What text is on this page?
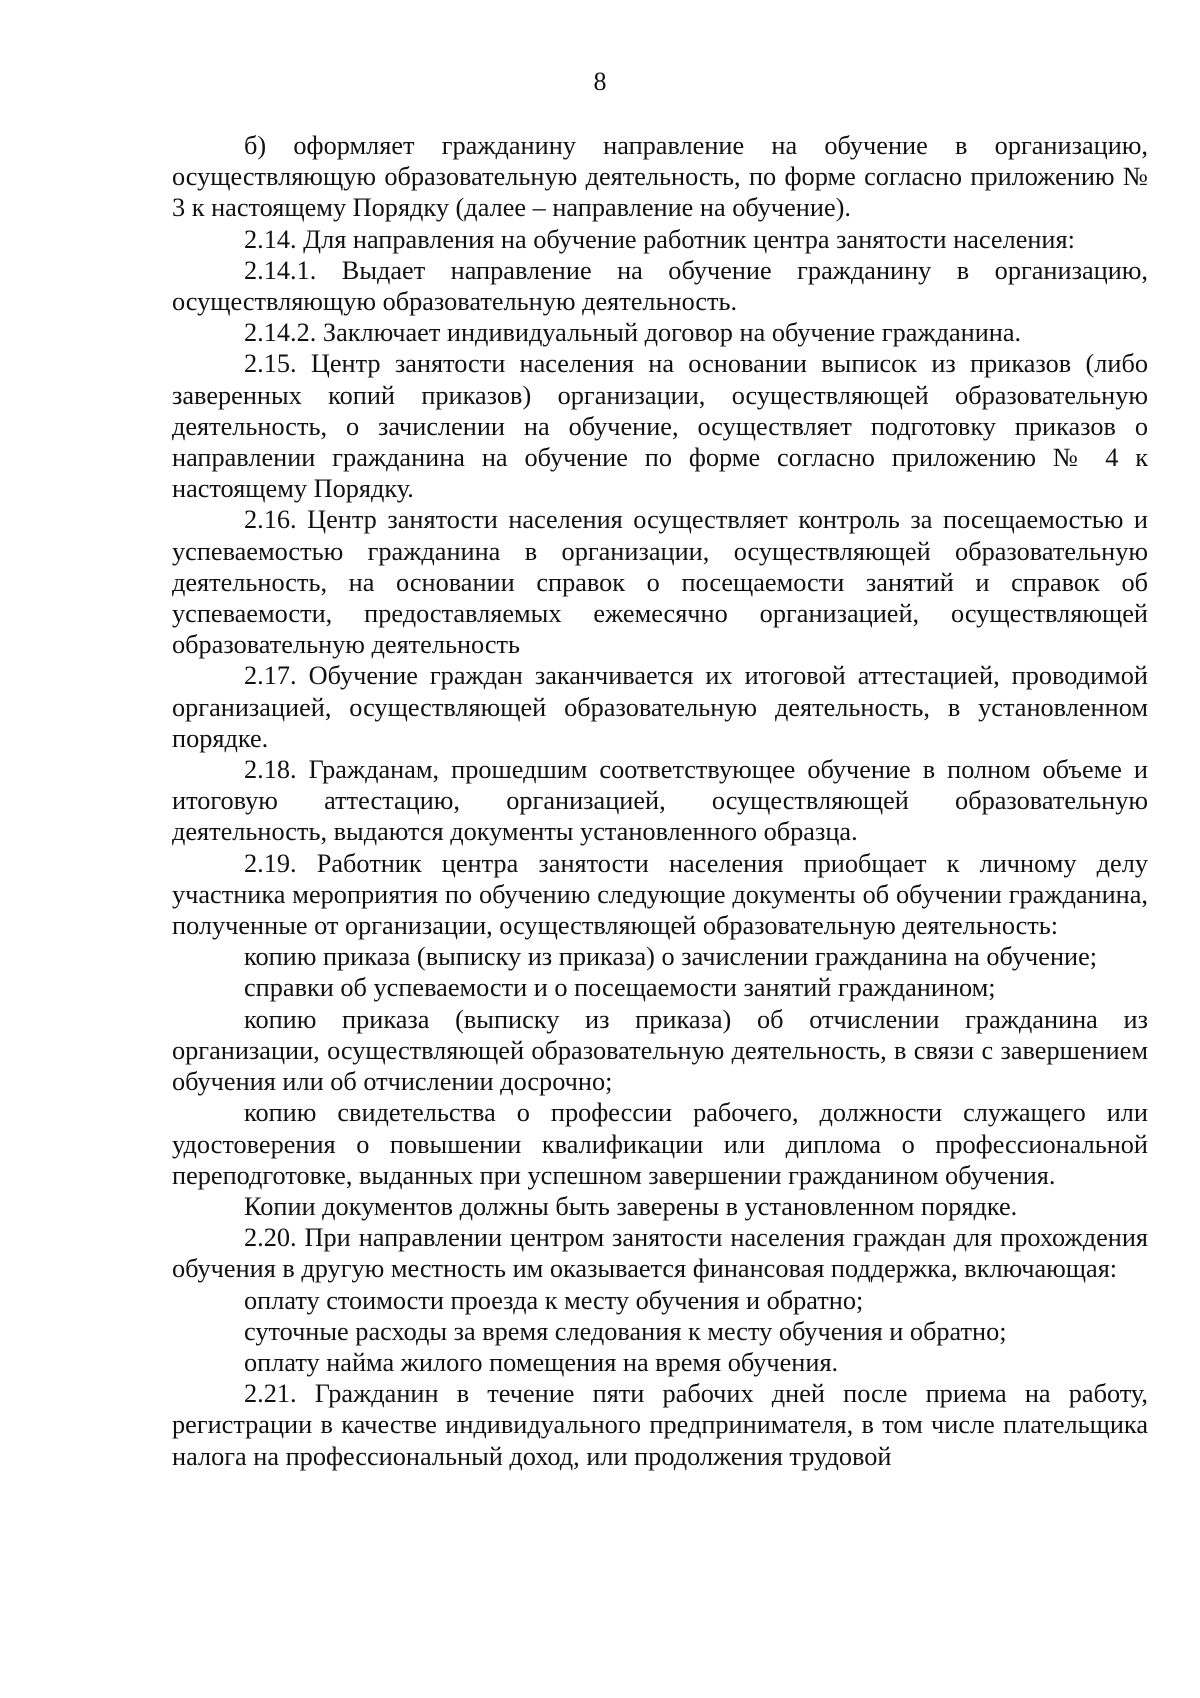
8

б) оформляет гражданину направление на обучение в организацию, осуществляющую образовательную деятельность, по форме согласно приложению № 3 к настоящему Порядку (далее – направление на обучение).

2.14. Для направления на обучение работник центра занятости населения:

2.14.1. Выдает направление на обучение гражданину в организацию, осуществляющую образовательную деятельность.

2.14.2. Заключает индивидуальный договор на обучение гражданина.

2.15. Центр занятости населения на основании выписок из приказов (либо заверенных копий приказов) организации, осуществляющей образовательную деятельность, о зачислении на обучение, осуществляет подготовку приказов о направлении гражданина на обучение по форме согласно приложению № 4 к настоящему Порядку.

2.16. Центр занятости населения осуществляет контроль за посещаемостью и успеваемостью гражданина в организации, осуществляющей образовательную деятельность, на основании справок о посещаемости занятий и справок об успеваемости, предоставляемых ежемесячно организацией, осуществляющей образовательную деятельность

2.17. Обучение граждан заканчивается их итоговой аттестацией, проводимой организацией, осуществляющей образовательную деятельность, в установленном порядке.

2.18. Гражданам, прошедшим соответствующее обучение в полном объеме и итоговую аттестацию, организацией, осуществляющей образовательную деятельность, выдаются документы установленного образца.

2.19. Работник центра занятости населения приобщает к личному делу участника мероприятия по обучению следующие документы об обучении гражданина, полученные от организации, осуществляющей образовательную деятельность:

копию приказа (выписку из приказа) о зачислении гражданина на обучение;

справки об успеваемости и о посещаемости занятий гражданином;

копию приказа (выписку из приказа) об отчислении гражданина из организации, осуществляющей образовательную деятельность, в связи с завершением обучения или об отчислении досрочно;

копию свидетельства о профессии рабочего, должности служащего или удостоверения о повышении квалификации или диплома о профессиональной переподготовке, выданных при успешном завершении гражданином обучения.

Копии документов должны быть заверены в установленном порядке.

2.20. При направлении центром занятости населения граждан для прохождения обучения в другую местность им оказывается финансовая поддержка, включающая:

оплату стоимости проезда к месту обучения и обратно;

суточные расходы за время следования к месту обучения и обратно;

оплату найма жилого помещения на время обучения.

2.21. Гражданин в течение пяти рабочих дней после приема на работу, регистрации в качестве индивидуального предпринимателя, в том числе плательщика налога на профессиональный доход, или продолжения трудовой
